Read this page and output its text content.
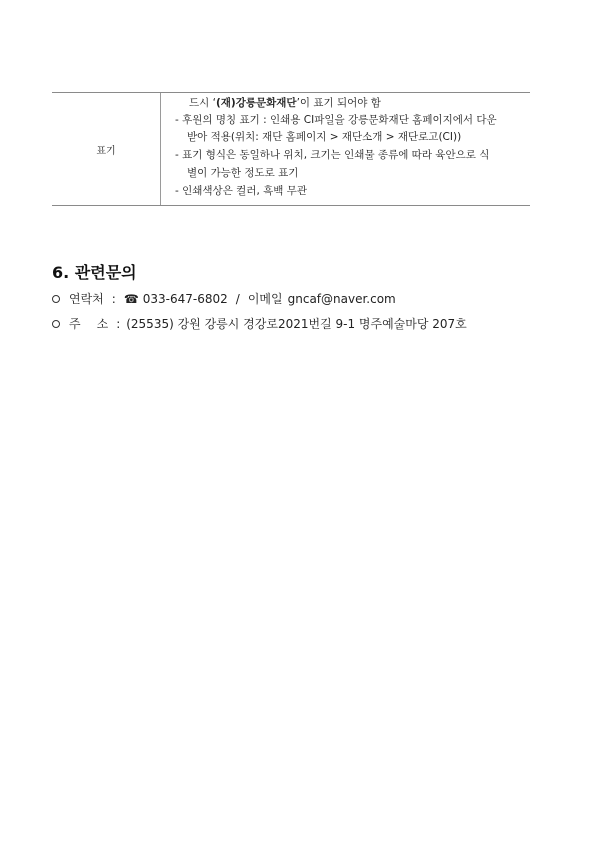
표기
드시 ‘(재)강릉문화재단’이 표기 되어야 함
- 후원의 명칭 표기 : 인쇄용 CI파일을 강릉문화재단 홈페이지에서 다운
받아 적용(위치: 재단 홈페이지 > 재단소개 > 재단로고(CI))
- 표기 형식은 동일하나 위치, 크기는 인쇄물 종류에 따라 육안으로 식
별이 가능한 정도로 표기
- 인쇄색상은 컬러, 흑백 무관
6. 관련문의
연락처 : ☎ 033-647-6802 / 이메일 gncaf@naver.com
주 소 : (25535) 강원 강릉시 경강로2021번길 9-1 명주예술마당 207호
